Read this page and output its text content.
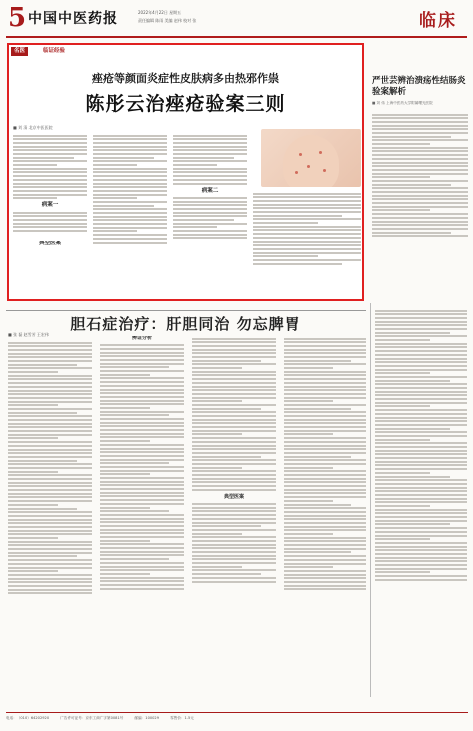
5 中国中医药报	2022年4月22日 星期五
责任编辑 陈雨 美编 赵伟 校对 张	临床
名医	临证经验
痤疮等颜面炎症性皮肤病多由热邪作祟
陈彤云治痤疮验案三则
■ 刘 清 北京中医医院
病案一
病案二
典型医案
严世芸辨治溃疡性结肠炎验案解析
■ 刘 伟 上海中医药大学附属曙光医院
胆石症治疗：肝胆同治 勿忘脾胃
■ 张 磊 赵雪芳 王宏伟
辨证分析
典型医案
电话：（010）64202920	广告许可证号：京东工商广字第0081号	邮编：100029	零售价：1.5元
